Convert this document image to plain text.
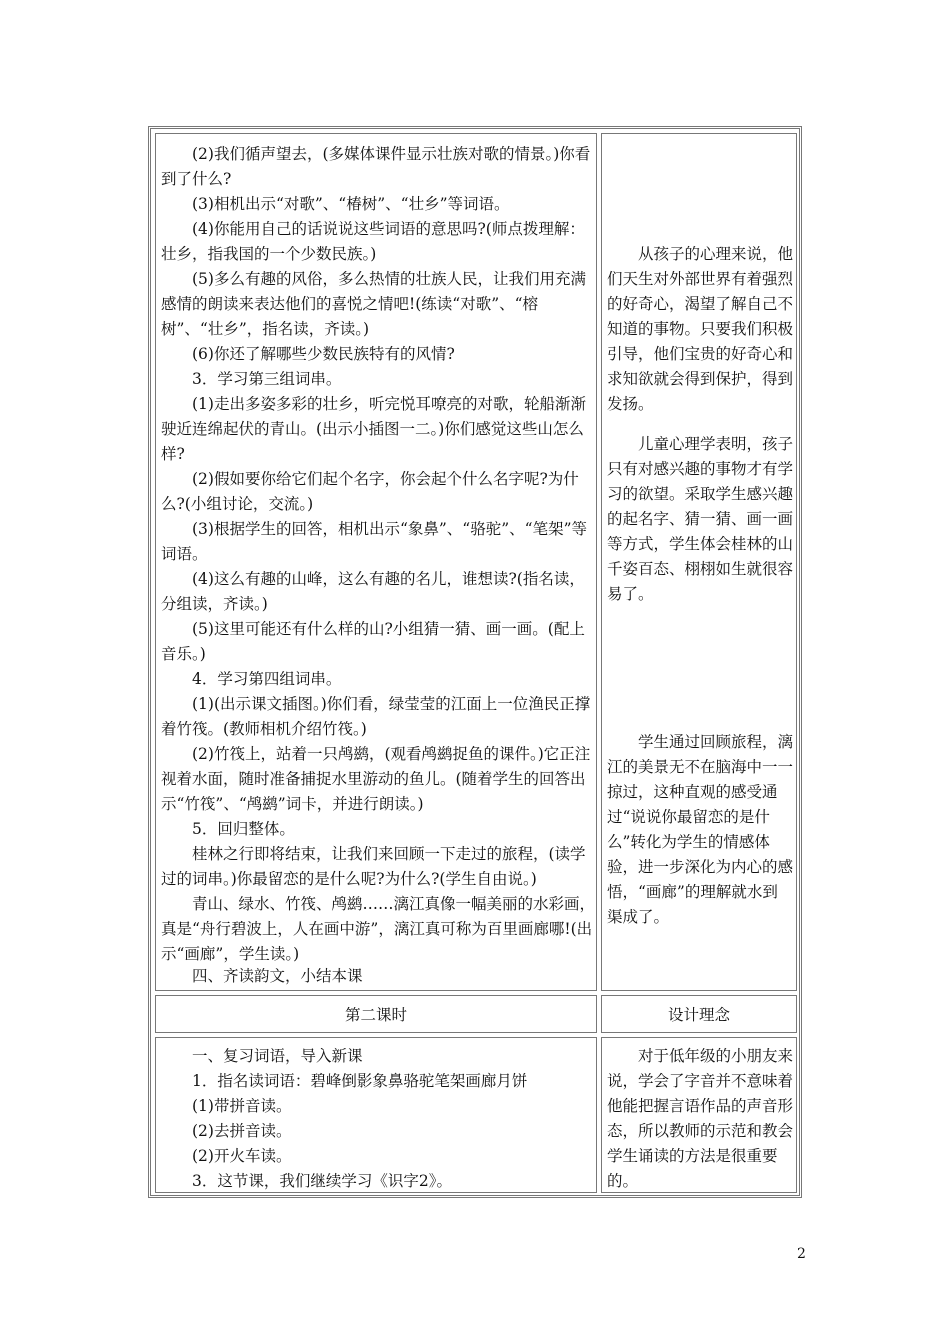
　　(2)我们循声望去，(多媒体课件显示壮族对歌的情景。)你看到了什么?

　　(3)相机出示“对歌”、“椿树”、“壮乡”等词语。

　　(4)你能用自己的话说说这些词语的意思吗?(师点拨理解：壮乡，指我国的一个少数民族。)

　　(5)多么有趣的风俗，多么热情的壮族人民，让我们用充满感情的朗读来表达他们的喜悦之情吧!(练读“对歌”、“榕树”、“壮乡”，指名读，齐读。)

　　(6)你还了解哪些少数民族特有的风情?

　　3．学习第三组词串。

　　(1)走出多姿多彩的壮乡，听完悦耳嘹亮的对歌，轮船渐渐驶近连绵起伏的青山。(出示小插图一二。)你们感觉这些山怎么样?

　　(2)假如要你给它们起个名字，你会起个什么名字呢?为什么?(小组讨论，交流。)

　　(3)根据学生的回答，相机出示“象鼻”、“骆驼”、“笔架”等词语。

　　(4)这么有趣的山峰，这么有趣的名儿，谁想读?(指名读，分组读，齐读。)

　　(5)这里可能还有什么样的山?小组猜一猜、画一画。(配上音乐。)

　　4．学习第四组词串。

　　(1)(出示课文插图。)你们看，绿莹莹的江面上一位渔民正撑着竹筏。(教师相机介绍竹筏。)

　　(2)竹筏上，站着一只鸬鹚，(观看鸬鹚捉鱼的课件。)它正注视着水面，随时准备捕捉水里游动的鱼儿。(随着学生的回答出示“竹筏”、“鸬鹚”词卡，并进行朗读。)

　　5．回归整体。

　　桂林之行即将结束，让我们来回顾一下走过的旅程，(读学过的词串。)你最留恋的是什么呢?为什么?(学生自由说。)

　　青山、绿水、竹筏、鸬鹚……漓江真像一幅美丽的水彩画，真是“舟行碧波上，人在画中游”，漓江真可称为百里画廊哪!(出示“画廊”，学生读。)

　　四、齐读韵文，小结本课

　　从孩子的心理来说，他们天生对外部世界有着强烈的好奇心，渴望了解自己不知道的事物。只要我们积极引导，他们宝贵的好奇心和求知欲就会得到保护，得到发扬。

　　儿童心理学表明，孩子只有对感兴趣的事物才有学习的欲望。采取学生感兴趣的起名字、猜一猜、画一画等方式，学生体会桂林的山千姿百态、栩栩如生就很容易了。

　　学生通过回顾旅程，漓江的美景无不在脑海中一一掠过，这种直观的感受通过“说说你最留恋的是什么”转化为学生的情感体验，进一步深化为内心的感悟，“画廊”的理解就水到渠成了。

第二课时	设计理念

　　一、复习词语，导入新课

　　1．指名读词语：碧峰倒影象鼻骆驼笔架画廊月饼

　　(1)带拼音读。

　　(2)去拼音读。

　　(2)开火车读。

　　3．这节课，我们继续学习《识字2》。

　　对于低年级的小朋友来说，学会了字音并不意味着他能把握言语作品的声音形态，所以教师的示范和教会学生诵读的方法是很重要的。

2
